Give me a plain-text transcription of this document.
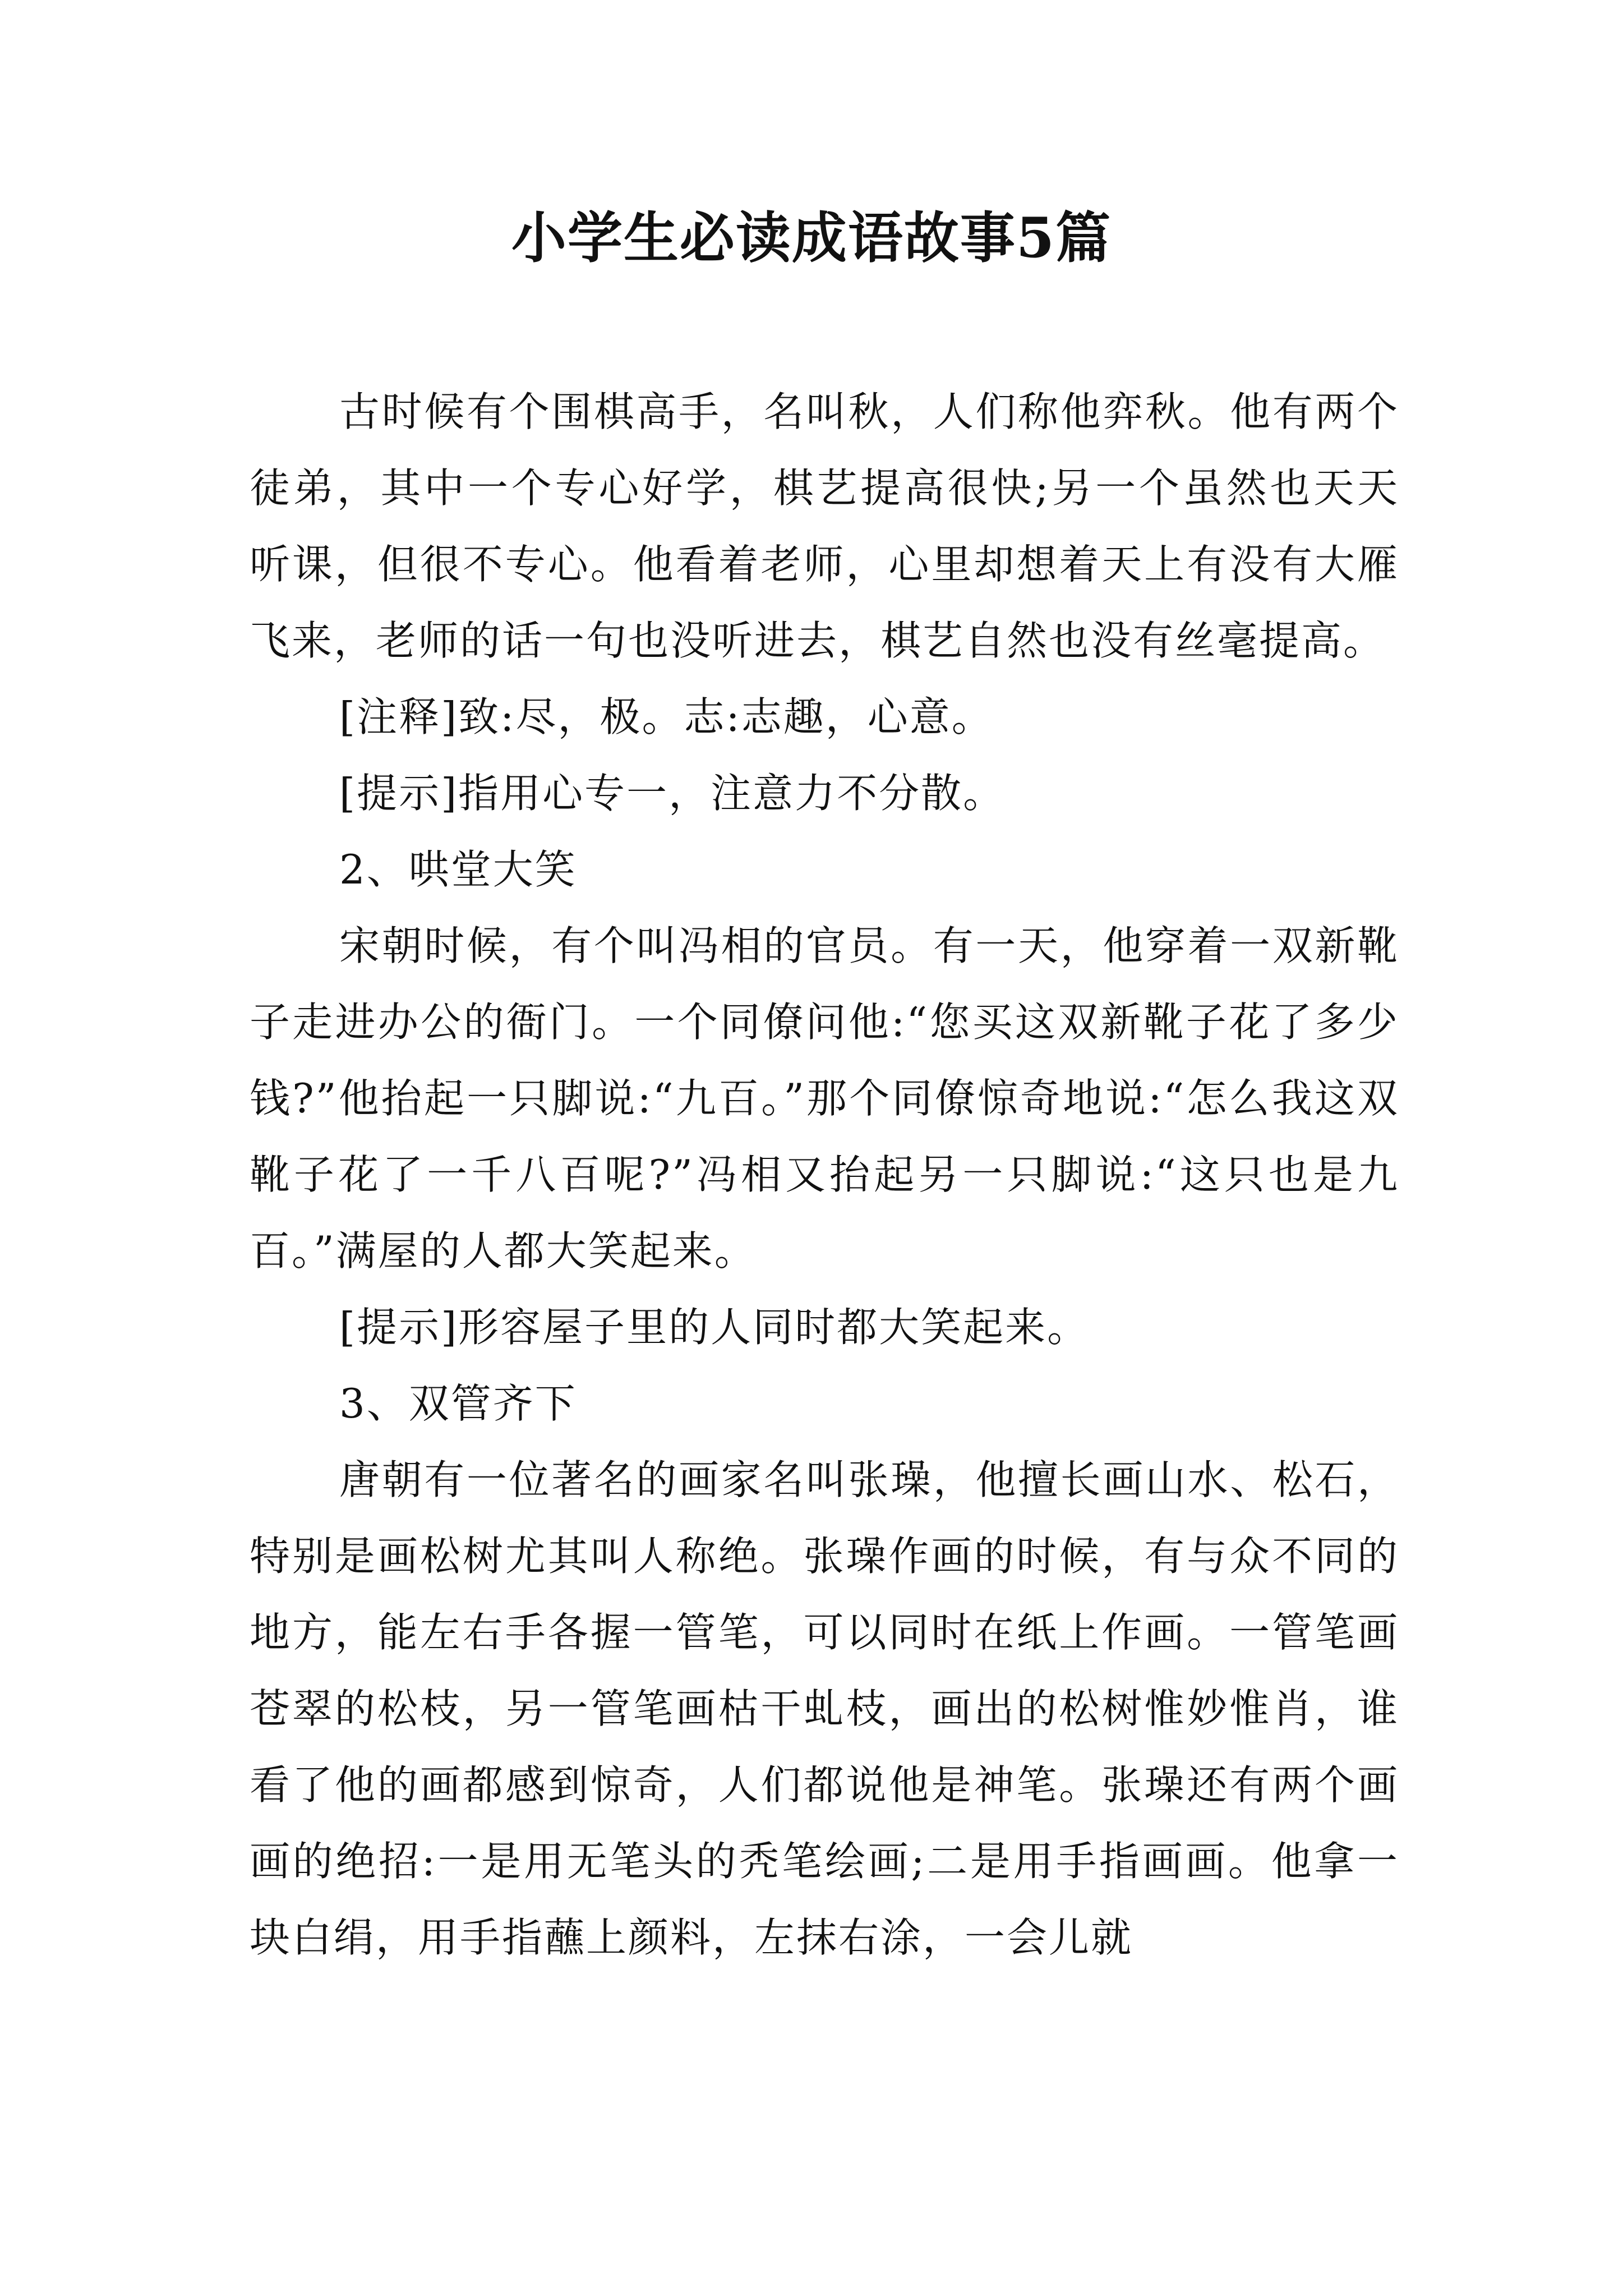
小学生必读成语故事5篇

古时候有个围棋高手，名叫秋，人们称他弈秋。他有两个徒弟，其中一个专心好学，棋艺提高很快;另一个虽然也天天听课，但很不专心。他看着老师，心里却想着天上有没有大雁飞来，老师的话一句也没听进去，棋艺自然也没有丝毫提高。

[注释]致:尽，极。志:志趣，心意。

[提示]指用心专一，注意力不分散。

2、哄堂大笑

宋朝时候，有个叫冯相的官员。有一天，他穿着一双新靴子走进办公的衙门。一个同僚问他:“您买这双新靴子花了多少钱?”他抬起一只脚说:“九百。”那个同僚惊奇地说:“怎么我这双靴子花了一千八百呢?”冯相又抬起另一只脚说:“这只也是九百。”满屋的人都大笑起来。

[提示]形容屋子里的人同时都大笑起来。

3、双管齐下

唐朝有一位著名的画家名叫张璪，他擅长画山水、松石，特别是画松树尤其叫人称绝。张璪作画的时候，有与众不同的地方，能左右手各握一管笔，可以同时在纸上作画。一管笔画苍翠的松枝，另一管笔画枯干虬枝，画出的松树惟妙惟肖，谁看了他的画都感到惊奇，人们都说他是神笔。张璪还有两个画画的绝招:一是用无笔头的秃笔绘画;二是用手指画画。他拿一块白绢，用手指蘸上颜料，左抹右涂，一会儿就
